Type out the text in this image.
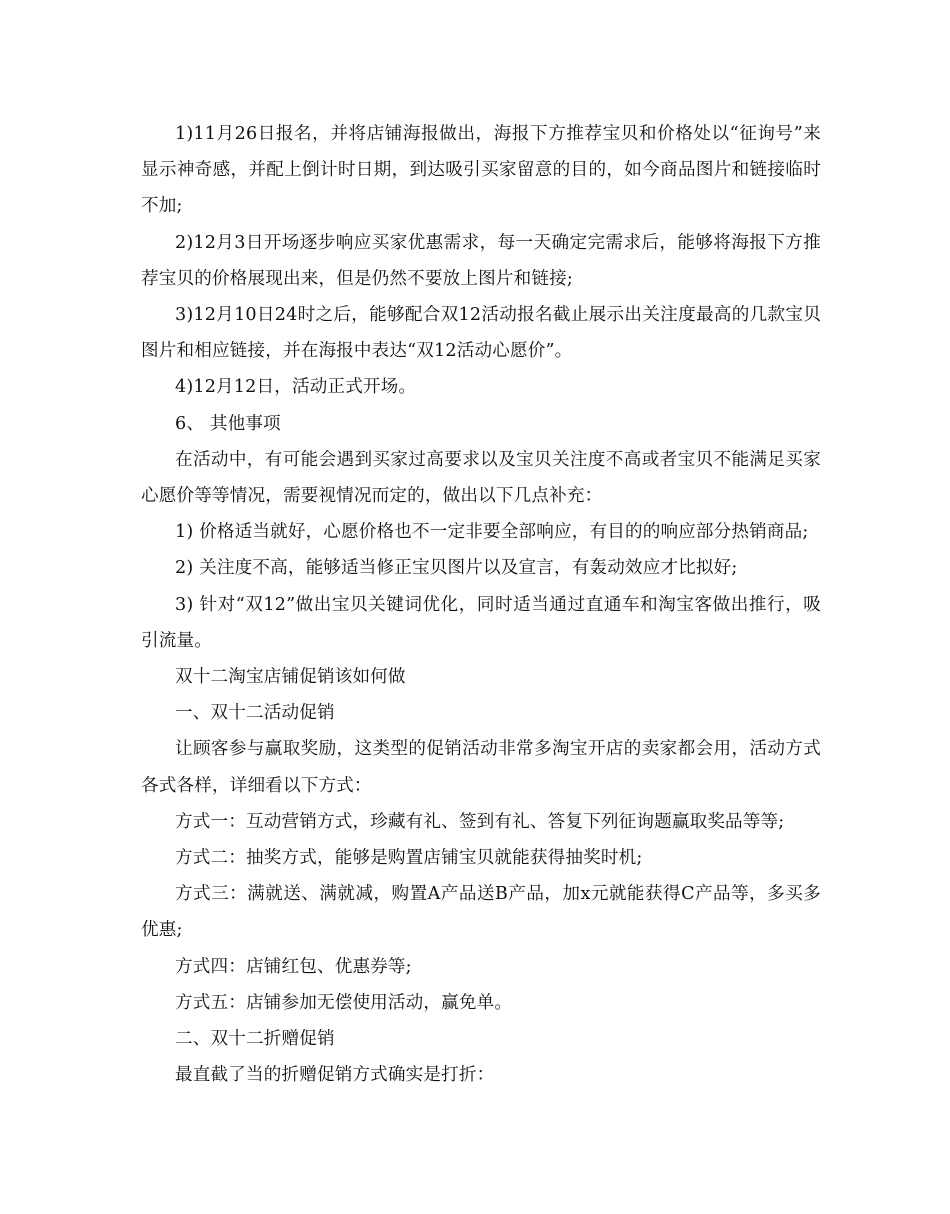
1)11月26日报名，并将店铺海报做出，海报下方推荐宝贝和价格处以“征询号”来显示神奇感，并配上倒计时日期，到达吸引买家留意的目的，如今商品图片和链接临时不加;

2)12月3日开场逐步响应买家优惠需求，每一天确定完需求后，能够将海报下方推荐宝贝的价格展现出来，但是仍然不要放上图片和链接;

3)12月10日24时之后，能够配合双12活动报名截止展示出关注度最高的几款宝贝图片和相应链接，并在海报中表达“双12活动心愿价”。

4)12月12日，活动正式开场。

6、 其他事项

在活动中，有可能会遇到买家过高要求以及宝贝关注度不高或者宝贝不能满足买家心愿价等等情况，需要视情况而定的，做出以下几点补充：

1) 价格适当就好，心愿价格也不一定非要全部响应，有目的的响应部分热销商品;

2) 关注度不高，能够适当修正宝贝图片以及宣言，有轰动效应才比拟好;

3) 针对“双12”做出宝贝关键词优化，同时适当通过直通车和淘宝客做出推行，吸引流量。

双十二淘宝店铺促销该如何做

一、双十二活动促销

让顾客参与赢取奖励，这类型的促销活动非常多淘宝开店的卖家都会用，活动方式各式各样，详细看以下方式：

方式一：互动营销方式，珍藏有礼、签到有礼、答复下列征询题赢取奖品等等;

方式二：抽奖方式，能够是购置店铺宝贝就能获得抽奖时机;

方式三：满就送、满就减，购置A产品送B产品，加x元就能获得C产品等，多买多优惠;

方式四：店铺红包、优惠券等;

方式五：店铺参加无偿使用活动，赢免单。

二、双十二折赠促销

最直截了当的折赠促销方式确实是打折：
